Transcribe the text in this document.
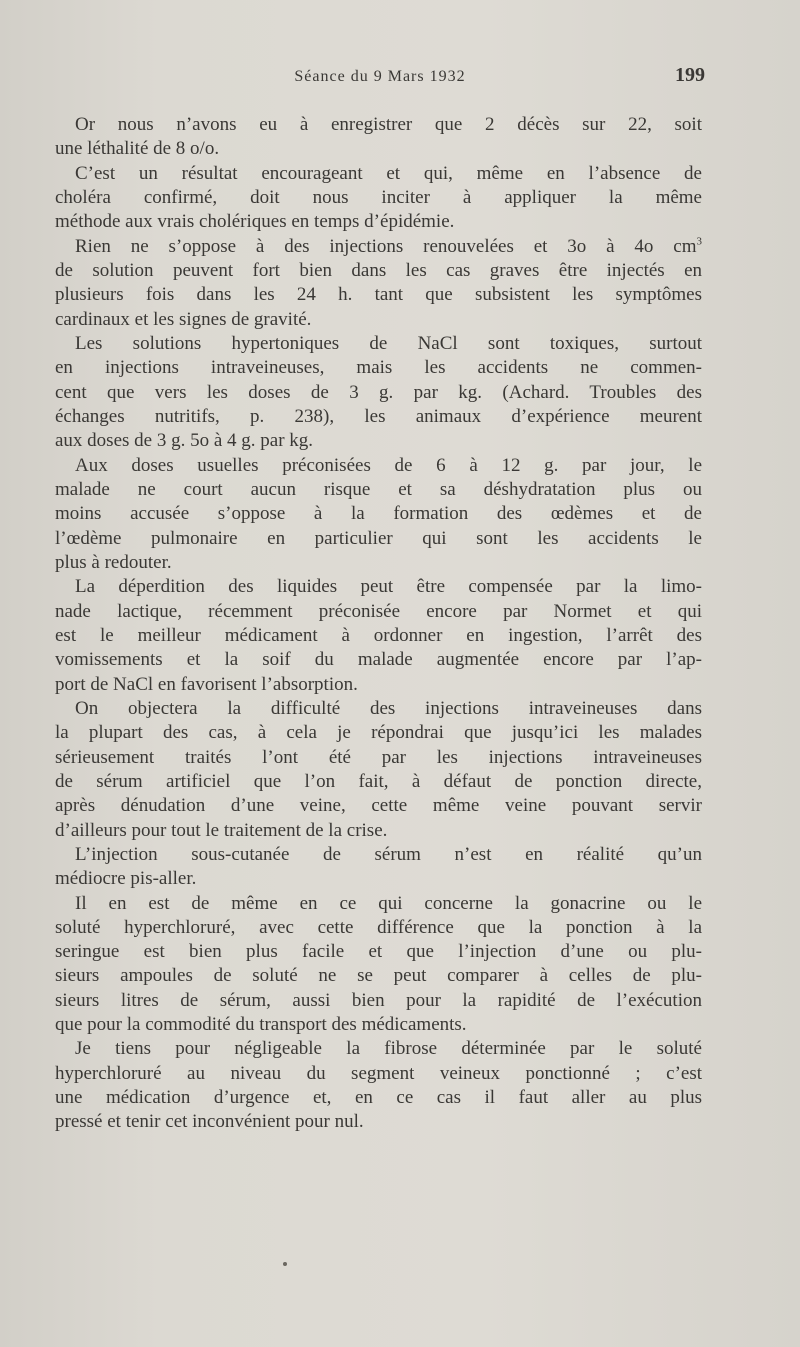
Séance du 9 Mars 1932	199
Or nous n’avons eu à enregistrer que 2 décès sur 22, soit
une léthalité de 8 o/o.
C’est un résultat encourageant et qui, même en l’absence de
choléra confirmé, doit nous inciter à appliquer la même
méthode aux vrais cholériques en temps d’épidémie.
Rien ne s’oppose à des injections renouvelées et 3o à 4o $cm^3$
de solution peuvent fort bien dans les cas graves être injectés en
plusieurs fois dans les 24 h. tant que subsistent les symptômes
cardinaux et les signes de gravité.
Les solutions hypertoniques de NaCl sont toxiques, surtout
en injections intraveineuses, mais les accidents ne commen-
cent que vers les doses de 3 g. par kg. (Achard. Troubles des
échanges nutritifs, p. 238), les animaux d’expérience meurent
aux doses de 3 g. 5o à 4 g. par kg.
Aux doses usuelles préconisées de 6 à 12 g. par jour, le
malade ne court aucun risque et sa déshydratation plus ou
moins accusée s’oppose à la formation des œdèmes et de
l’œdème pulmonaire en particulier qui sont les accidents le
plus à redouter.
La déperdition des liquides peut être compensée par la limo-
nade lactique, récemment préconisée encore par Normet et qui
est le meilleur médicament à ordonner en ingestion, l’arrêt des
vomissements et la soif du malade augmentée encore par l’ap-
port de NaCl en favorisent l’absorption.
On objectera la difficulté des injections intraveineuses dans
la plupart des cas, à cela je répondrai que jusqu’ici les malades
sérieusement traités l’ont été par les injections intraveineuses
de sérum artificiel que l’on fait, à défaut de ponction directe,
après dénudation d’une veine, cette même veine pouvant servir
d’ailleurs pour tout le traitement de la crise.
L’injection sous-cutanée de sérum n’est en réalité qu’un
médiocre pis-aller.
Il en est de même en ce qui concerne la gonacrine ou le
soluté hyperchloruré, avec cette différence que la ponction à la
seringue est bien plus facile et que l’injection d’une ou plu-
sieurs ampoules de soluté ne se peut comparer à celles de plu-
sieurs litres de sérum, aussi bien pour la rapidité de l’exécution
que pour la commodité du transport des médicaments.
Je tiens pour négligeable la fibrose déterminée par le soluté
hyperchloruré au niveau du segment veineux ponctionné ; c’est
une médication d’urgence et, en ce cas il faut aller au plus
pressé et tenir cet inconvénient pour nul.
